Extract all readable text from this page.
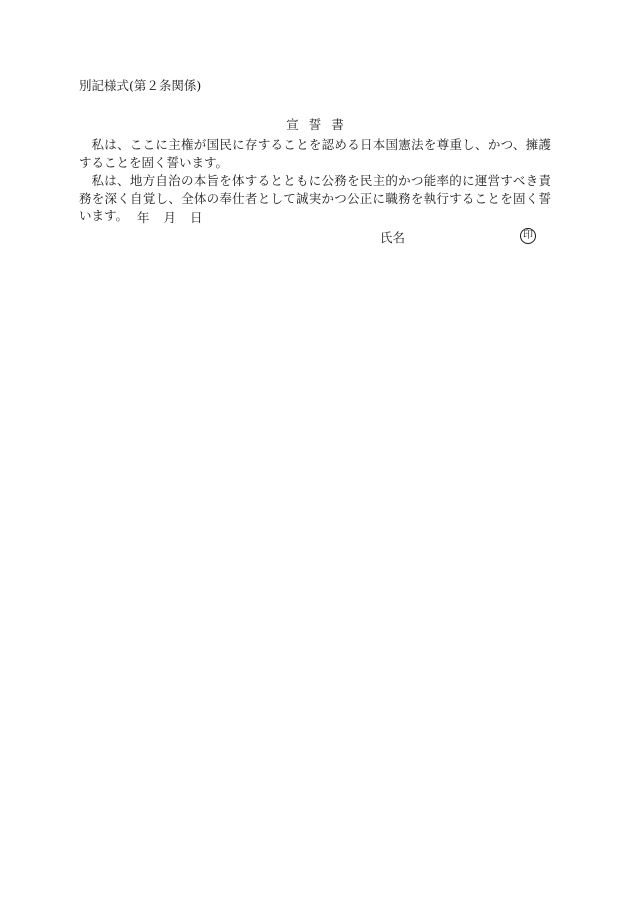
別記様式(第２条関係)
宣誓書
私は、ここに主権が国民に存することを認める日本国憲法を尊重し、かつ、擁護することを固く誓います。
私は、地方自治の本旨を体するとともに公務を民主的かつ能率的に運営すべき責務を深く自覚し、全体の奉仕者として誠実かつ公正に職務を執行することを固く誓います。 年 月 日
氏名	印
